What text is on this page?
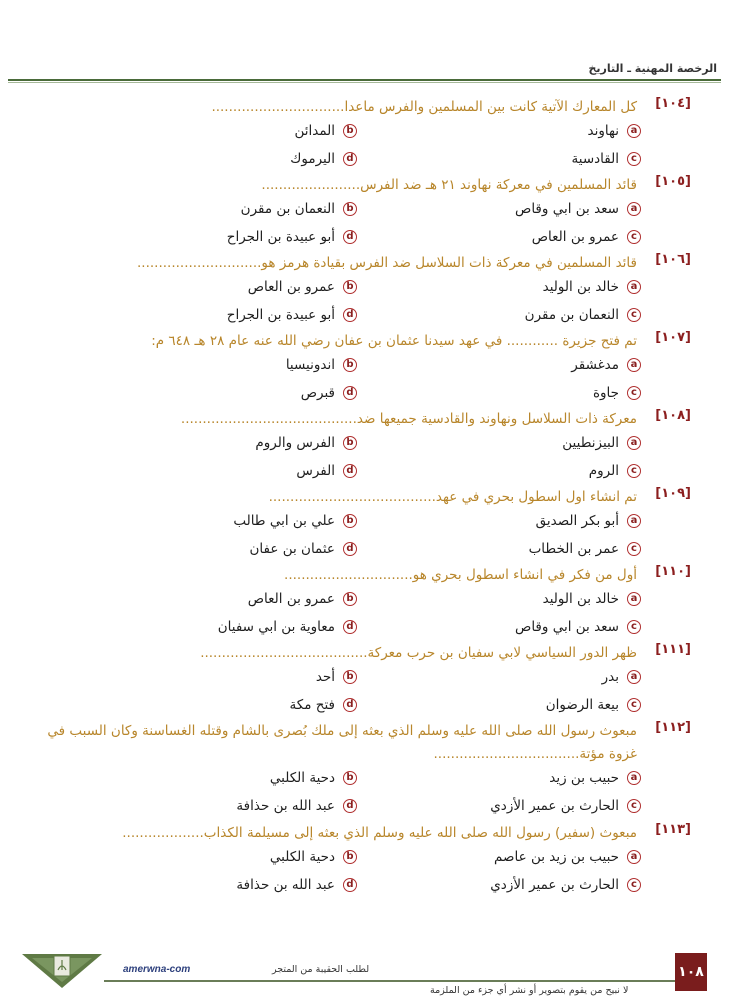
الرخصة المهنية ـ التاريخ
[١٠٤]
كل المعارك الآتية كانت بين المسلمين والفرس ماعدا...............................
a
نهاوند
b
المدائن
c
القادسية
d
اليرموك
[١٠٥]
قائد المسلمين في معركة نهاوند ٢١ هـ ضد الفرس.......................
a
سعد بن ابي وقاص
b
النعمان بن مقرن
c
عمرو بن العاص
d
أبو عبيدة بن الجراح
[١٠٦]
قائد المسلمين في معركة ذات السلاسل ضد الفرس بقيادة هرمز هو.............................
a
خالد بن الوليد
b
عمرو بن العاص
c
النعمان بن مقرن
d
أبو عبيدة بن الجراح
[١٠٧]
تم فتح جزيرة ............ في عهد سيدنا عثمان بن عفان رضي الله عنه عام ٢٨ هـ ٦٤٨ م:
a
مدغشقر
b
اندونيسيا
c
جاوة
d
قبرص
[١٠٨]
معركة ذات السلاسل ونهاوند والقادسية جميعها ضد.........................................
a
البيزنطيين
b
الفرس والروم
c
الروم
d
الفرس
[١٠٩]
تم انشاء اول اسطول بحري في عهد.......................................
a
أبو بكر الصديق
b
علي بن ابي طالب
c
عمر بن الخطاب
d
عثمان بن عفان
[١١٠]
أول من فكر في انشاء اسطول بحري هو..............................
a
خالد بن الوليد
b
عمرو بن العاص
c
سعد بن ابي وقاص
d
معاوية بن ابي سفيان
[١١١]
ظهر الدور السياسي لابي سفيان بن حرب معركة.......................................
a
بدر
b
أحد
c
بيعة الرضوان
d
فتح مكة
[١١٢]
مبعوث رسول الله صلى الله عليه وسلم الذي بعثه إلى ملك بُصرى بالشام وقتله الغساسنة وكان السبب في غزوة مؤتة..................................
a
حبيب بن زيد
b
دحية الكلبي
c
الحارث بن عمير الأزدي
d
عبد الله بن حذافة
[١١٣]
مبعوث (سفير) رسول الله صلى الله عليه وسلم الذي بعثه إلى مسيلمة الكذاب...................
a
حبيب بن زيد بن عاصم
b
دحية الكلبي
c
الحارث بن عمير الأزدي
d
عبد الله بن حذافة
amerwna-com	لطلب الحقيبة من المتجر	١٠٨
لا نبيح من يقوم بتصوير أو نشر أي جزء من الملزمة
